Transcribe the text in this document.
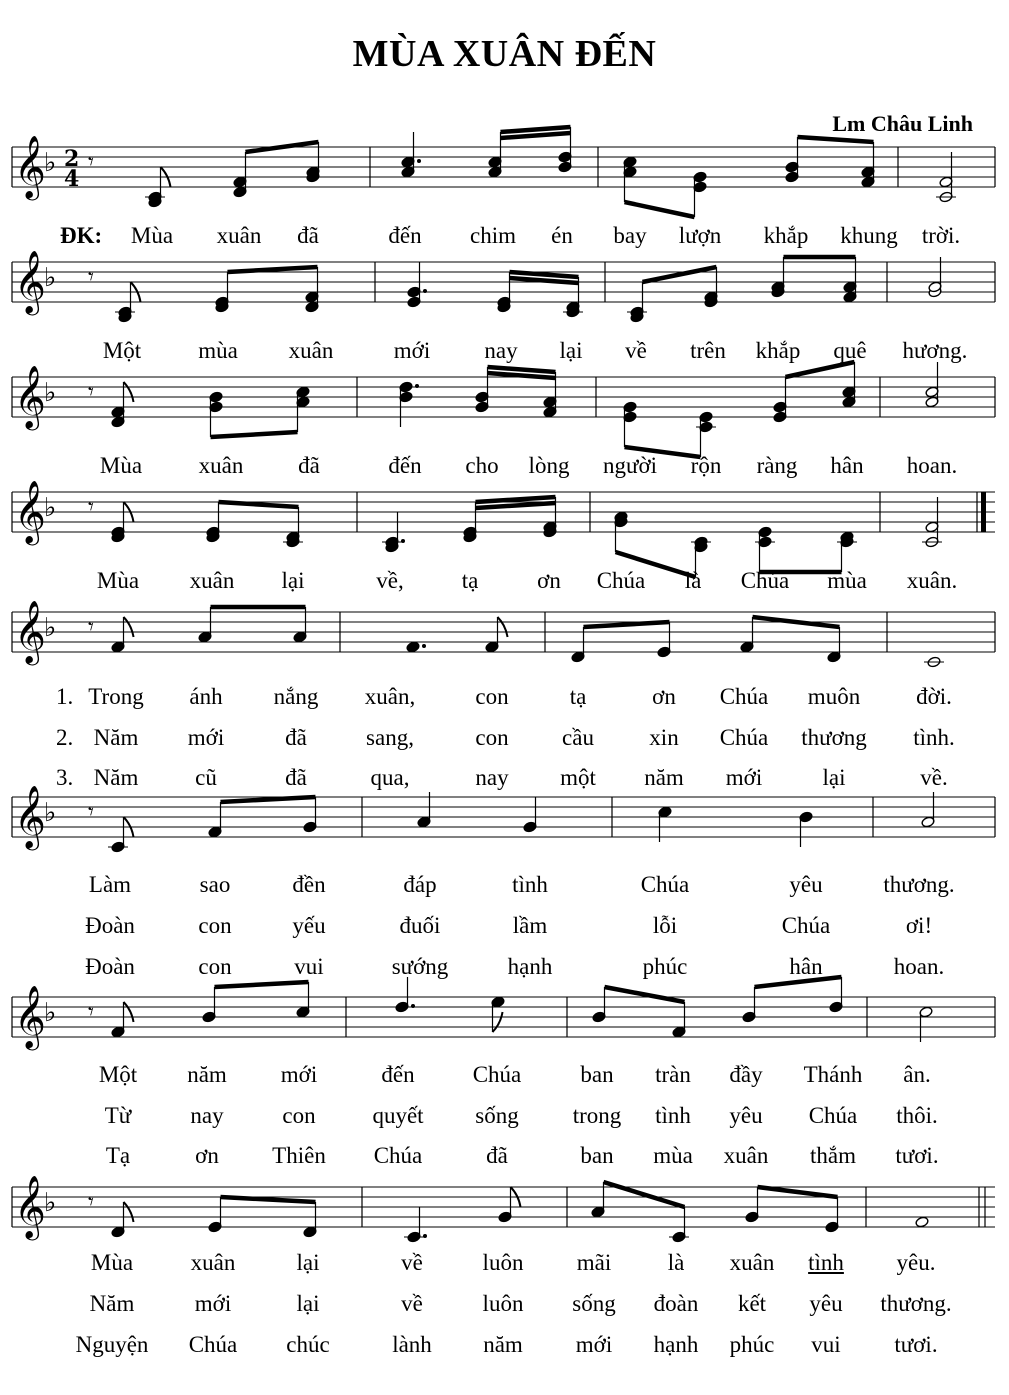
MÙA XUÂN ĐẾN
Lm Châu Linh
𝄞
♭
𝄞
♭
𝄞
♭
𝄞
♭
𝄞
♭
𝄞
♭
𝄞
♭
𝄞
♭
2
4
𝄾
𝄾
𝄾
𝄾
𝄾
𝄾
𝄾
𝄾
Mùa xuân đã	đến chim én bay lượn khắp khung trời.
Một mùa xuân	mới nay lại về trên khắp quê hương.
Mùa xuân đã	đến cho lòng người rộn ràng hân hoan.
Mùa xuân lại	về,	tạ	ơn Chúa là Chúa mùa xuân.
ĐK:
Trong ánh nắng xuân,	con	tạ	ơn Chúa muôn đời.
1.
Năm mới	đã	sang,	con cầu xin Chúa thương tình.
2.
Năm cũ	đã	qua,	nay một năm mới	lại	về.
3.
Làm	sao	đền	đáp	tình	Chúa	yêu	thương.
Đoàn	con	yếu	đuối	lầm	lỗi	Chúa	ơi!
Đoàn	con	vui	sướng	hạnh	phúc	hân	hoan.
Một năm mới	đến	Chúa	ban tràn đầy Thánh ân.
Từ	nay	con quyết sống trong tình yêu Chúa thôi.
Tạ	ơn Thiên Chúa	đã	ban mùa xuân thắm tươi.
Mùa	xuân	lại	về	luôn mãi là xuân tình yêu.
Năm	mới	lại	về	luôn sống đoàn kết yêu thương.
Nguyện Chúa chúc	lành năm mới hạnh phúc vui tươi.
